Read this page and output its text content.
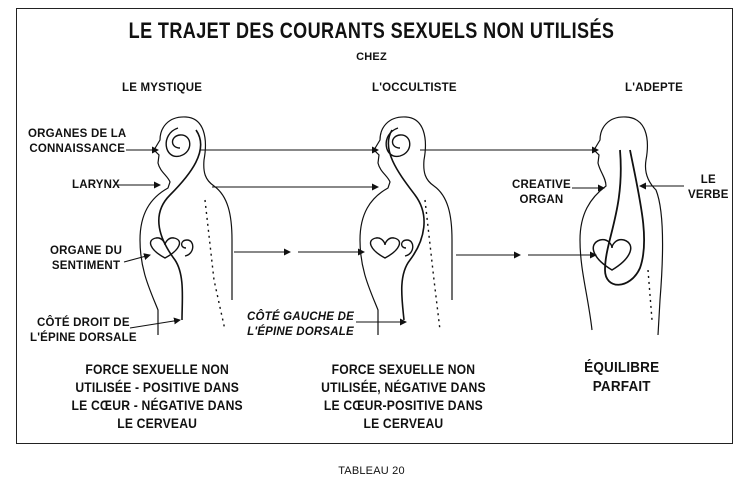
LE TRAJET DES COURANTS SEXUELS NON UTILISÉS
CHEZ
LE MYSTIQUE	L'OCCULTISTE	L'ADEPTE
ORGANES DE LA
CONNAISSANCE
LARYNX
ORGANE DU
SENTIMENT
CÔTÉ DROIT DE
L'ÉPINE DORSALE
CÔTÉ GAUCHE DE
L'ÉPINE DORSALE
CREATIVE
ORGAN
LE
VERBE
FORCE SEXUELLE NON
UTILISÉE - POSITIVE DANS
LE CŒUR - NÉGATIVE DANS
LE CERVEAU
FORCE SEXUELLE NON
UTILISÉE, NÉGATIVE DANS
LE CŒUR-POSITIVE DANS
LE CERVEAU
ÉQUILIBRE
PARFAIT
TABLEAU 20
